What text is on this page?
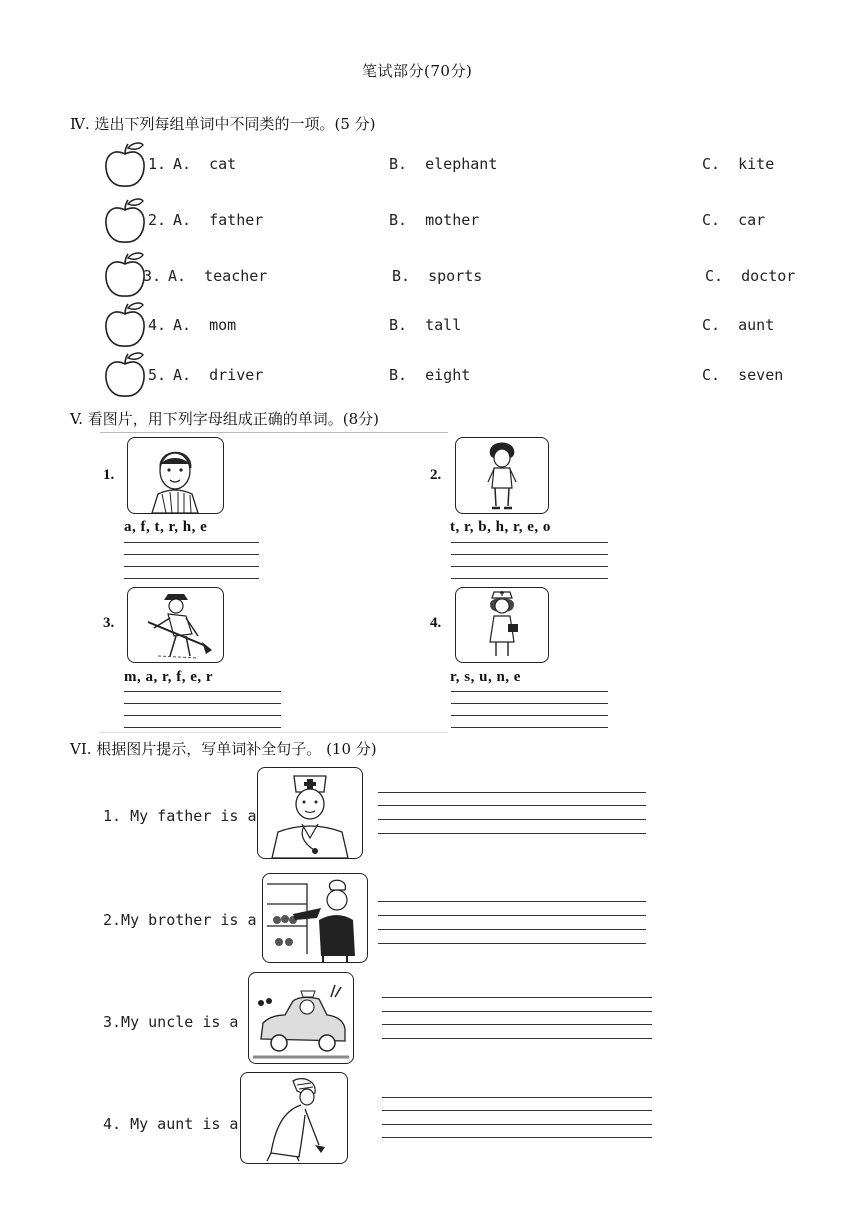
笔试部分(70分)
Ⅳ. 选出下列每组单词中不同类的一项。(5 分)
1. A.  cat	B.  elephant	C.  kite
2. A.  father	B.  mother	C.  car
3. A.  teacher	B.  sports	C.  doctor
4. A.  mom	B.  tall	C.  aunt
5. A.  driver	B.  eight	C.  seven
V. 看图片，用下列字母组成正确的单词。(8分)
1.
a, f, t, r, h, e
2.
t, r, b, h, r, e, o
3.
m, a, r, f, e, r
4.
r, s, u, n, e
VI. 根据图片提示，写单词补全句子。 (10 分)
1. My father is a
2.My brother is a
3.My uncle is a
4. My aunt is a
